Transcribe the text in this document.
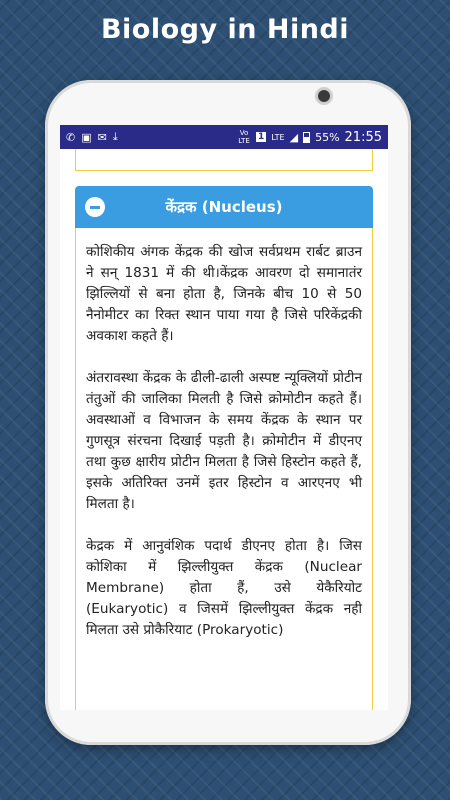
Biology in Hindi
✆ ▣ ✉ ⤓	Vo LTE 1 LTE ◢ 55% 21:55
केंद्रक (Nucleus)

कोशिकीय अंगक केंद्रक की खोज सर्वप्रथम रार्बट ब्राउन ने सन् 1831 में की थी।केंद्रक आवरण दो समानातंर झिल्लियों से बना होता है, जिनके बीच 10 से 50 नैनोमीटर का रिक्त स्थान पाया गया है जिसे परिकेंद्रकी अवकाश कहते हैं।

अंतरावस्था केंद्रक के ढीली-ढाली अस्पष्ट न्यूक्लियों प्रोटीन तंतुओं की जालिका मिलती है जिसे क्रोमोटीन कहते हैं। अवस्थाओं व विभाजन के समय केंद्रक के स्थान पर गुणसूत्र संरचना दिखाई पड़ती है। क्रोमोटीन में डीएनए तथा कुछ क्षारीय प्रोटीन मिलता है जिसे हिस्टोन कहते हैं, इसके अतिरिक्त उनमें इतर हिस्टोन व आरएनए भी मिलता है।

केद्रक में आनुवंशिक पदार्थ डीएनए होता है। जिस कोशिका में झिल्लीयुक्त केंद्रक (Nuclear Membrane) होता हैं, उसे येकैरियोट (Eukaryotic) व जिसमें झिल्लीयुक्त केंद्रक नही मिलता उसे प्रोकैरियाट (Prokaryotic)
